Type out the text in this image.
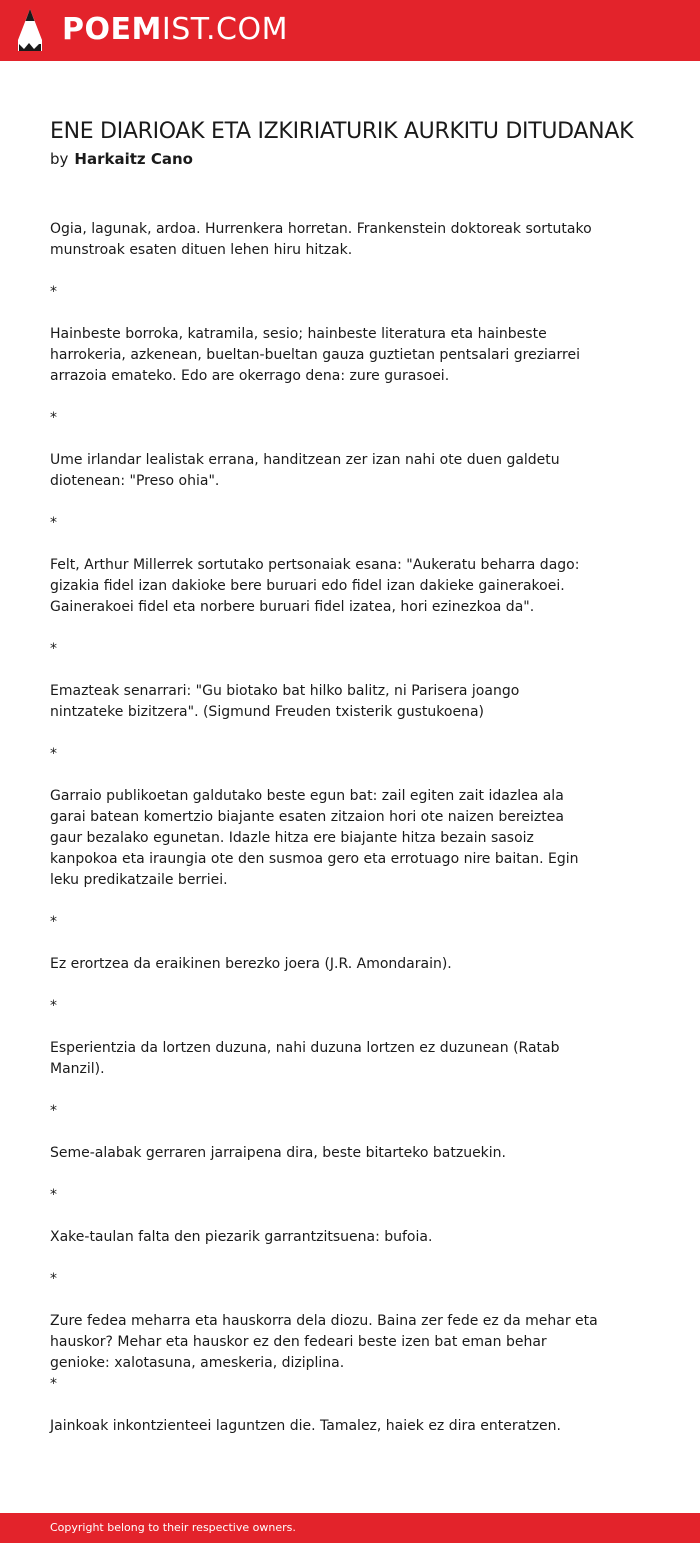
POEMIST.COM
ENE DIARIOAK ETA IZKIRIATURIK AURKITU DITUDANAK
by Harkaitz Cano
Ogia, lagunak, ardoa. Hurrenkera horretan. Frankenstein doktoreak sortutako
munstroak esaten dituen lehen hiru hitzak.
*
Hainbeste borroka, katramila, sesio; hainbeste literatura eta hainbeste
harrokeria, azkenean, bueltan-bueltan gauza guztietan pentsalari greziarrei
arrazoia emateko. Edo are okerrago dena: zure gurasoei.
*
Ume irlandar lealistak errana, handitzean zer izan nahi ote duen galdetu
diotenean: "Preso ohia".
*
Felt, Arthur Millerrek sortutako pertsonaiak esana: "Aukeratu beharra dago:
gizakia fidel izan dakioke bere buruari edo fidel izan dakieke gainerakoei.
Gainerakoei fidel eta norbere buruari fidel izatea, hori ezinezkoa da".
*
Emazteak senarrari: "Gu biotako bat hilko balitz, ni Parisera joango
nintzateke bizitzera". (Sigmund Freuden txisterik gustukoena)
*
Garraio publikoetan galdutako beste egun bat: zail egiten zait idazlea ala
garai batean komertzio biajante esaten zitzaion hori ote naizen bereiztea
gaur bezalako egunetan. Idazle hitza ere biajante hitza bezain sasoiz
kanpokoa eta iraungia ote den susmoa gero eta errotuago nire baitan. Egin
leku predikatzaile berriei.
*
Ez erortzea da eraikinen berezko joera (J.R. Amondarain).
*
Esperientzia da lortzen duzuna, nahi duzuna lortzen ez duzunean (Ratab
Manzil).
*
Seme-alabak gerraren jarraipena dira, beste bitarteko batzuekin.
*
Xake-taulan falta den piezarik garrantzitsuena: bufoia.
*
Zure fedea meharra eta hauskorra dela diozu. Baina zer fede ez da mehar eta
hauskor? Mehar eta hauskor ez den fedeari beste izen bat eman behar
genioke: xalotasuna, ameskeria, diziplina.
*
Jainkoak inkontzienteei laguntzen die. Tamalez, haiek ez dira enteratzen.
Copyright belong to their respective owners.
